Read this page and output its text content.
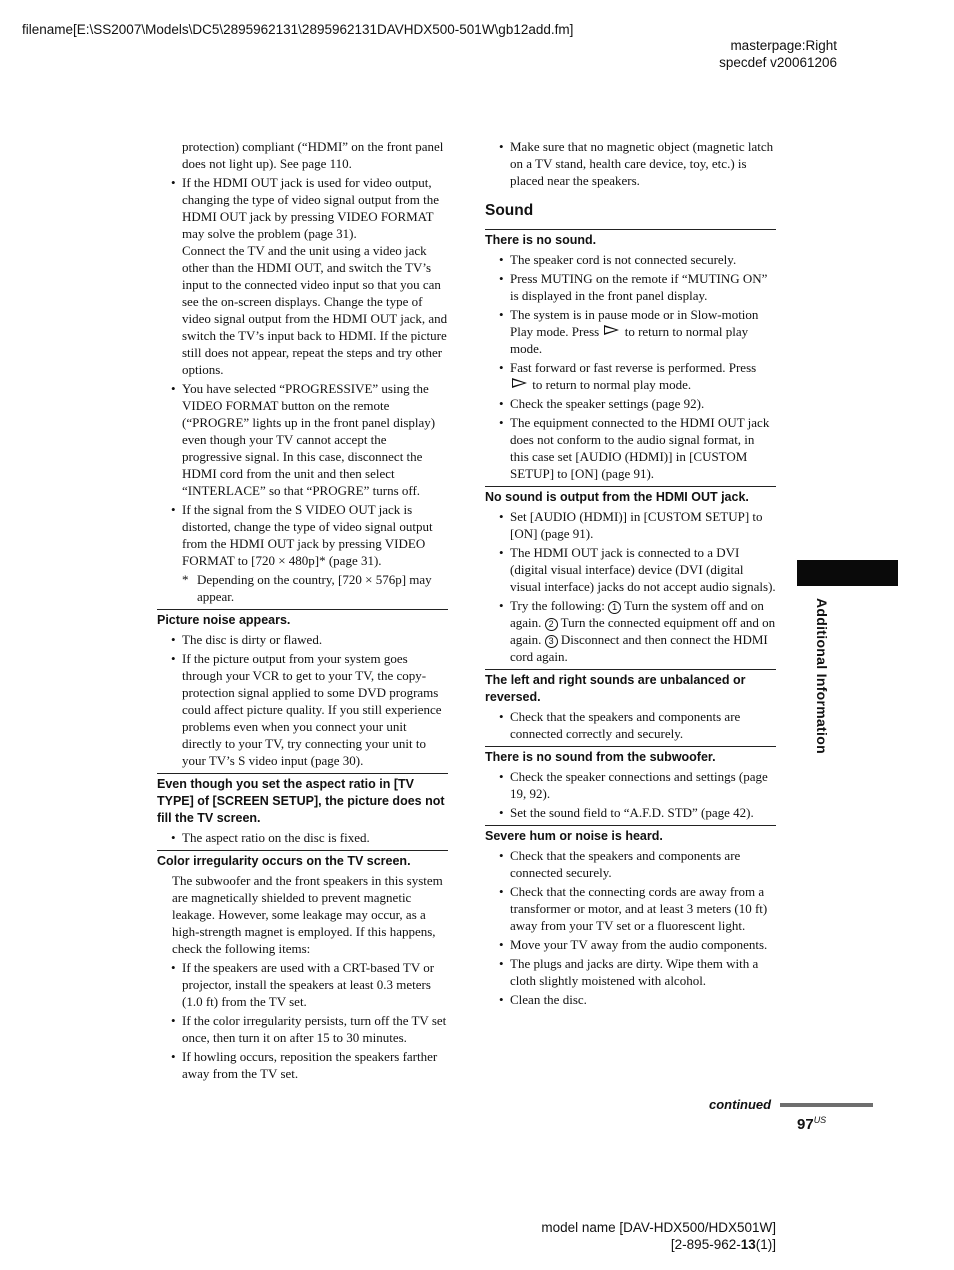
filename[E:\SS2007\Models\DC5\2895962131\2895962131DAVHDX500-501W\gb12add.fm]
masterpage:Right
specdef v20061206
protection) compliant (“HDMI” on the front panel does not light up). See page 110.
• If the HDMI OUT jack is used for video output, changing the type of video signal output from the HDMI OUT jack by pressing VIDEO FORMAT may solve the problem (page 31).
Connect the TV and the unit using a video jack other than the HDMI OUT, and switch the TV’s input to the connected video input so that you can see the on-screen displays. Change the type of video signal output from the HDMI OUT jack, and switch the TV’s input back to HDMI. If the picture still does not appear, repeat the steps and try other options.
• You have selected “PROGRESSIVE” using the VIDEO FORMAT button on the remote (“PROGRE” lights up in the front panel display) even though your TV cannot accept the progressive signal. In this case, disconnect the HDMI cord from the unit and then select “INTERLACE” so that “PROGRE” turns off.
• If the signal from the S VIDEO OUT jack is distorted, change the type of video signal output from the HDMI OUT jack by pressing VIDEO FORMAT to [720 × 480p]* (page 31).
* Depending on the country, [720 × 576p] may appear.
Picture noise appears.
• The disc is dirty or flawed.
• If the picture output from your system goes through your VCR to get to your TV, the copy-protection signal applied to some DVD programs could affect picture quality. If you still experience problems even when you connect your unit directly to your TV, try connecting your unit to your TV’s S video input (page 30).
Even though you set the aspect ratio in [TV TYPE] of [SCREEN SETUP], the picture does not fill the TV screen.
• The aspect ratio on the disc is fixed.
Color irregularity occurs on the TV screen.

The subwoofer and the front speakers in this system are magnetically shielded to prevent magnetic leakage. However, some leakage may occur, as a high-strength magnet is employed. If this happens, check the following items:

• If the speakers are used with a CRT-based TV or projector, install the speakers at least 0.3 meters (1.0 ft) from the TV set.
• If the color irregularity persists, turn off the TV set once, then turn it on after 15 to 30 minutes.
• If howling occurs, reposition the speakers farther away from the TV set.
• Make sure that no magnetic object (magnetic latch on a TV stand, health care device, toy, etc.) is placed near the speakers.
Sound
There is no sound.
• The speaker cord is not connected securely.
• Press MUTING on the remote if “MUTING ON” is displayed in the front panel display.
• The system is in pause mode or in Slow-motion Play mode. Press to return to normal play mode.
• Fast forward or fast reverse is performed. Press  to return to normal play mode.
• Check the speaker settings (page 92).
• The equipment connected to the HDMI OUT jack does not conform to the audio signal format, in this case set [AUDIO (HDMI)] in [CUSTOM SETUP] to [ON] (page 91).
No sound is output from the HDMI OUT jack.
• Set [AUDIO (HDMI)] in [CUSTOM SETUP] to [ON] (page 91).
• The HDMI OUT jack is connected to a DVI (digital visual interface) device (DVI (digital visual interface) jacks do not accept audio signals).
• Try the following: 1 Turn the system off and on again. 2 Turn the connected equipment off and on again. 3 Disconnect and then connect the HDMI cord again.
The left and right sounds are unbalanced or reversed.
• Check that the speakers and components are connected correctly and securely.
There is no sound from the subwoofer.
• Check the speaker connections and settings (page 19, 92).
• Set the sound field to “A.F.D. STD” (page 42).
Severe hum or noise is heard.
• Check that the speakers and components are connected securely.
• Check that the connecting cords are away from a transformer or motor, and at least 3 meters (10 ft) away from your TV set or a fluorescent light.
• Move your TV away from the audio components.
• The plugs and jacks are dirty. Wipe them with a cloth slightly moistened with alcohol.
• Clean the disc.
Additional Information
continued
$97^{US}$
model name [DAV-HDX500/HDX501W]
[2-895-962-13(1)]
